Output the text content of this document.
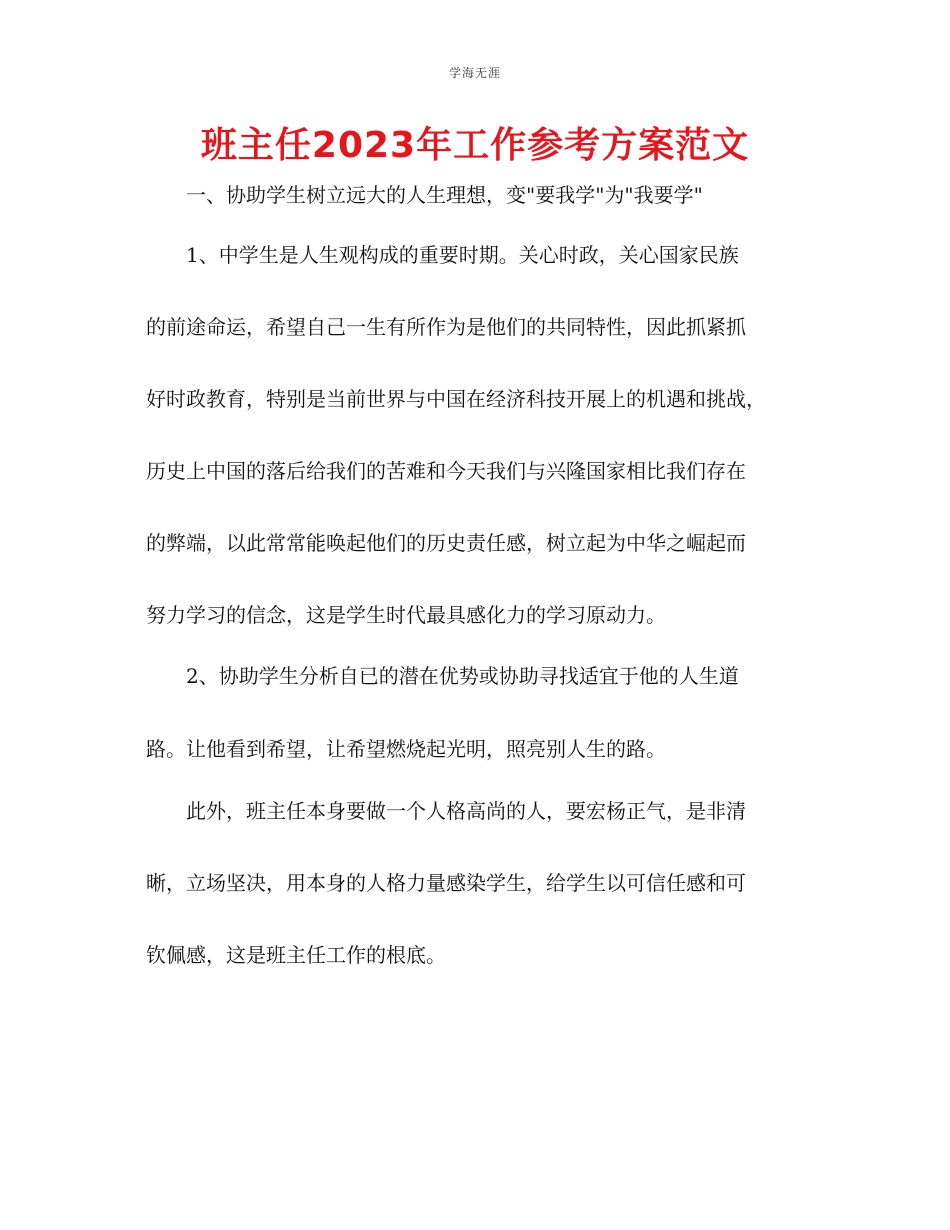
学海无涯
班主任2023年工作参考方案范文
一、协助学生树立远大的人生理想，变"要我学"为"我要学"
1、中学生是人生观构成的重要时期。关心时政，关心国家民族
的前途命运，希望自己一生有所作为是他们的共同特性，因此抓紧抓
好时政教育，特别是当前世界与中国在经济科技开展上的机遇和挑战，
历史上中国的落后给我们的苦难和今天我们与兴隆国家相比我们存在
的弊端，以此常常能唤起他们的历史责任感，树立起为中华之崛起而
努力学习的信念，这是学生时代最具感化力的学习原动力。
2、协助学生分析自已的潜在优势或协助寻找适宜于他的人生道
路。让他看到希望，让希望燃烧起光明，照亮别人生的路。
此外，班主任本身要做一个人格高尚的人，要宏杨正气，是非清
晰，立场坚决，用本身的人格力量感染学生，给学生以可信任感和可
钦佩感，这是班主任工作的根底。
